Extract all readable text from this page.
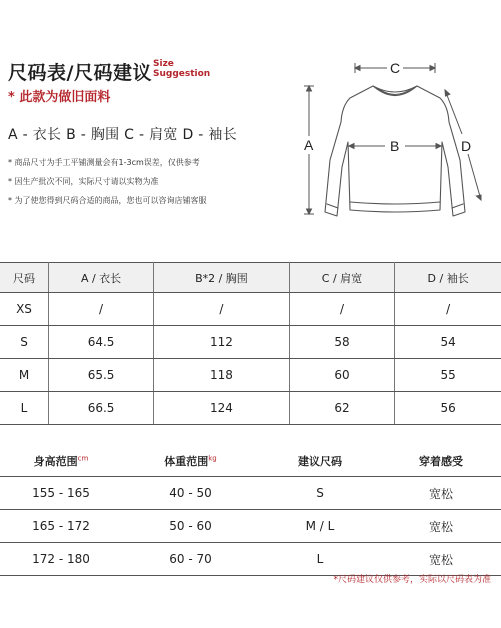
尺码表/尺码建议 Size
Suggestion
* 此款为做旧面料
A - 衣长 B - 胸围 C - 肩宽 D - 袖长
* 商品尺寸为手工平铺测量会有1-3cm误差，仅供参考
* 因生产批次不同，实际尺寸请以实物为准
* 为了使您得到尺码合适的商品，您也可以咨询店铺客服
C
A	B	D
尺码	A / 衣长	B*2 / 胸围	C / 肩宽	D / 袖长
XS	/	/	/	/
S	64.5	112	58	54
M	65.5	118	60	55
L	66.5	124	62	56
身高范围$^{cm}$	体重范围$^{kg}$	建议尺码	穿着感受
155 - 165	40 - 50	S	宽松
165 - 172	50 - 60	M / L	宽松
172 - 180	60 - 70	L	宽松
*尺码建议仅供参考，实际以尺码表为准
